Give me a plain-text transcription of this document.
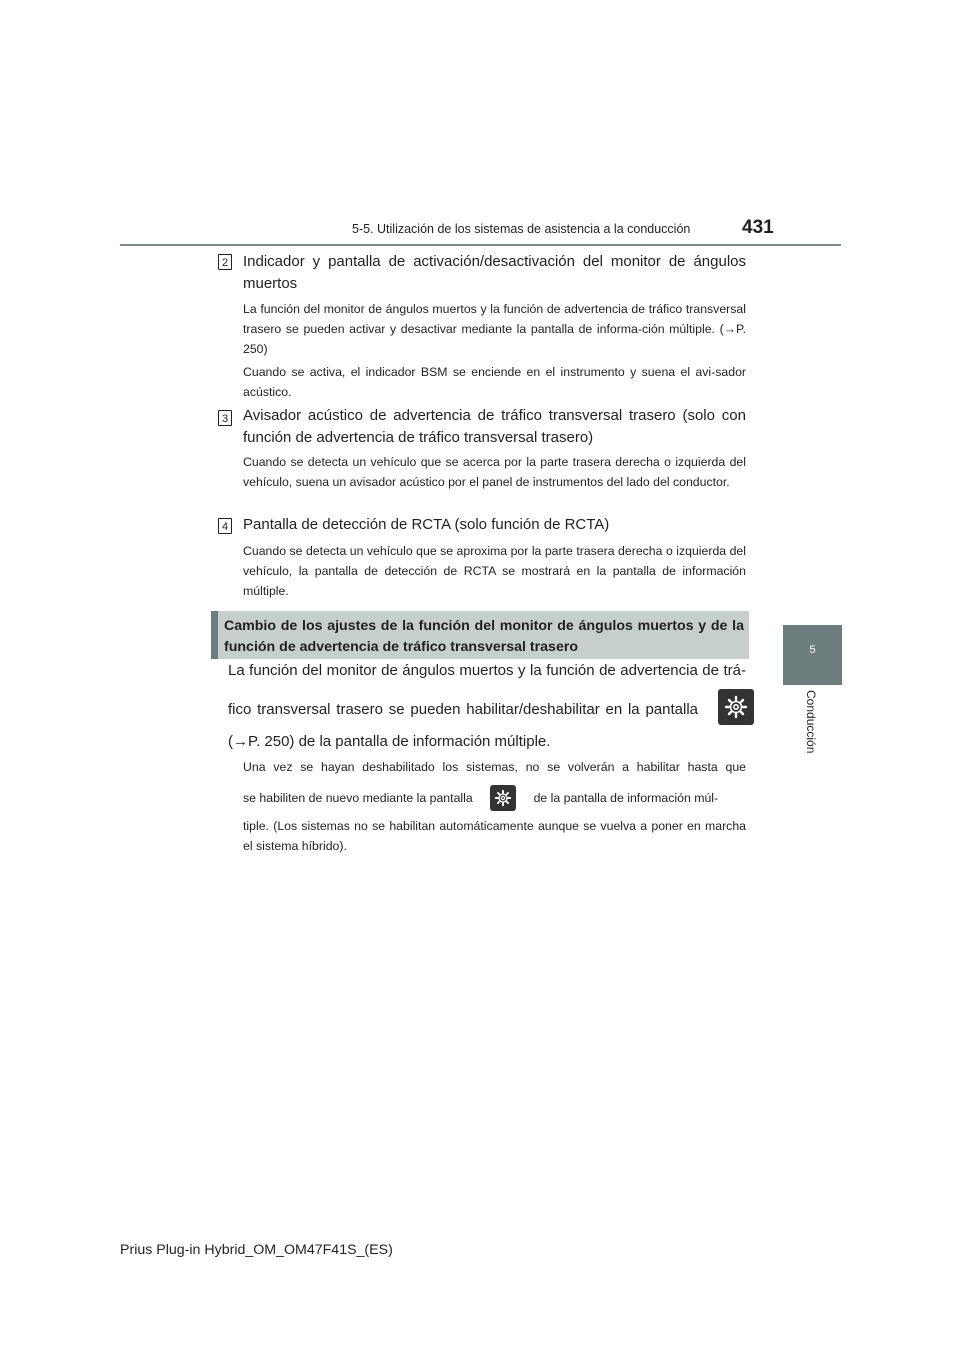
5-5. Utilización de los sistemas de asistencia a la conducción	431
5
Conducción
2 Indicador y pantalla de activación/desactivación del monitor de ángulos muertos
La función del monitor de ángulos muertos y la función de advertencia de tráfico transversal trasero se pueden activar y desactivar mediante la pantalla de informa-ción múltiple. (→P. 250)
Cuando se activa, el indicador BSM se enciende en el instrumento y suena el avi-sador acústico.
3 Avisador acústico de advertencia de tráfico transversal trasero (solo con función de advertencia de tráfico transversal trasero)
Cuando se detecta un vehículo que se acerca por la parte trasera derecha o izquierda del vehículo, suena un avisador acústico por el panel de instrumentos del lado del conductor.
4 Pantalla de detección de RCTA (solo función de RCTA)
Cuando se detecta un vehículo que se aproxima por la parte trasera derecha o izquierda del vehículo, la pantalla de detección de RCTA se mostrará en la pantalla de información múltiple.
Cambio de los ajustes de la función del monitor de ángulos muertos y de la función de advertencia de tráfico transversal trasero
La función del monitor de ángulos muertos y la función de advertencia de trá-
fico transversal trasero se pueden habilitar/deshabilitar en la pantalla
(→P. 250) de la pantalla de información múltiple.
Una vez se hayan deshabilitado los sistemas, no se volverán a habilitar hasta que
se habiliten de nuevo mediante la pantalla	de la pantalla de información múl-
tiple. (Los sistemas no se habilitan automáticamente aunque se vuelva a poner en marcha el sistema híbrido).
Prius Plug-in Hybrid_OM_OM47F41S_(ES)
